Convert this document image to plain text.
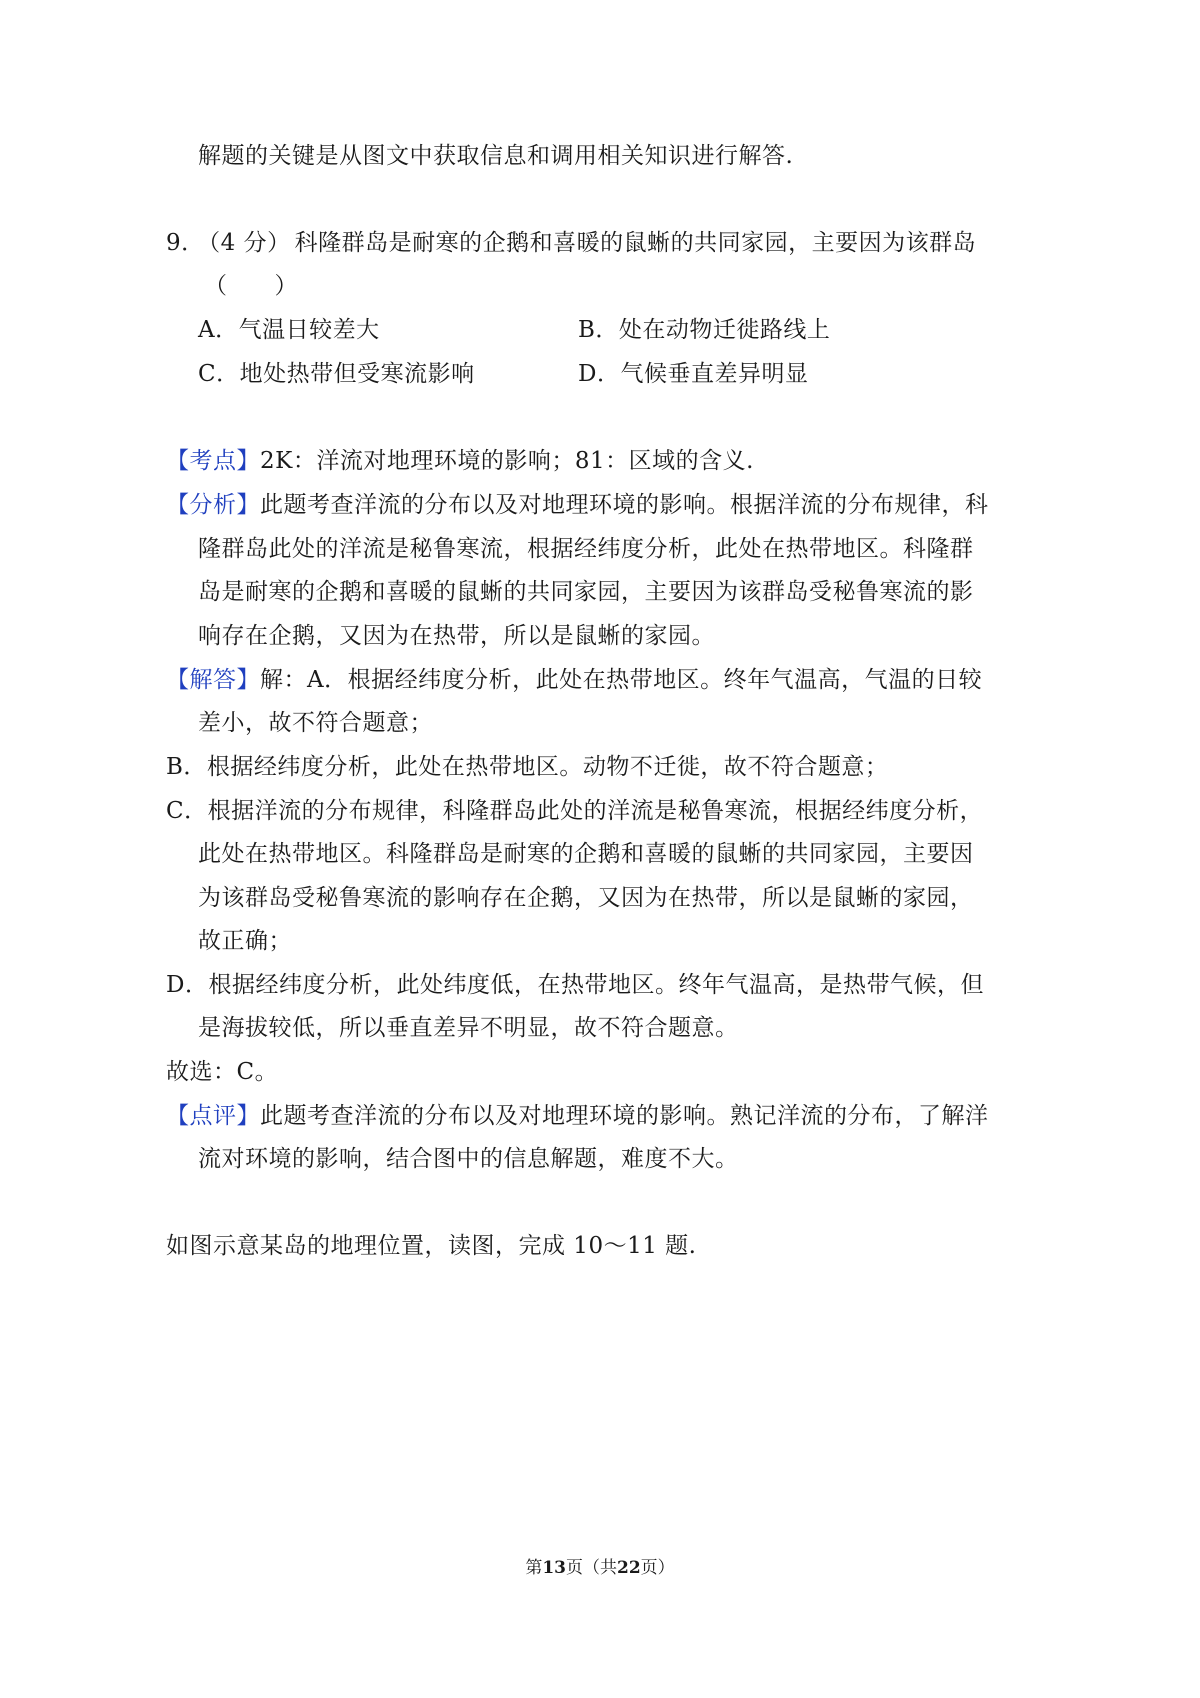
解题的关键是从图文中获取信息和调用相关知识进行解答.
9． （4 分） 科隆群岛是耐寒的企鹅和喜暖的鼠蜥的共同家园，主要因为该群岛
（　　）
A．气温日较差大	B．处在动物迁徙路线上
C．地处热带但受寒流影响	D．气候垂直差异明显
【考点】2K：洋流对地理环境的影响；81：区域的含义.
【分析】此题考查洋流的分布以及对地理环境的影响。根据洋流的分布规律，科
隆群岛此处的洋流是秘鲁寒流，根据经纬度分析，此处在热带地区。科隆群
岛是耐寒的企鹅和喜暖的鼠蜥的共同家园，主要因为该群岛受秘鲁寒流的影
响存在企鹅，又因为在热带，所以是鼠蜥的家园。
【解答】解：A．根据经纬度分析，此处在热带地区。终年气温高，气温的日较
差小，故不符合题意；
B．根据经纬度分析，此处在热带地区。动物不迁徙，故不符合题意；
C．根据洋流的分布规律，科隆群岛此处的洋流是秘鲁寒流，根据经纬度分析，
此处在热带地区。科隆群岛是耐寒的企鹅和喜暖的鼠蜥的共同家园，主要因
为该群岛受秘鲁寒流的影响存在企鹅，又因为在热带，所以是鼠蜥的家园，
故正确；
D．根据经纬度分析，此处纬度低，在热带地区。终年气温高，是热带气候，但
是海拔较低，所以垂直差异不明显，故不符合题意。
故选：C。
【点评】此题考查洋流的分布以及对地理环境的影响。熟记洋流的分布，了解洋
流对环境的影响，结合图中的信息解题，难度不大。
如图示意某岛的地理位置，读图，完成 10～11 题.
第13页（共22页）
